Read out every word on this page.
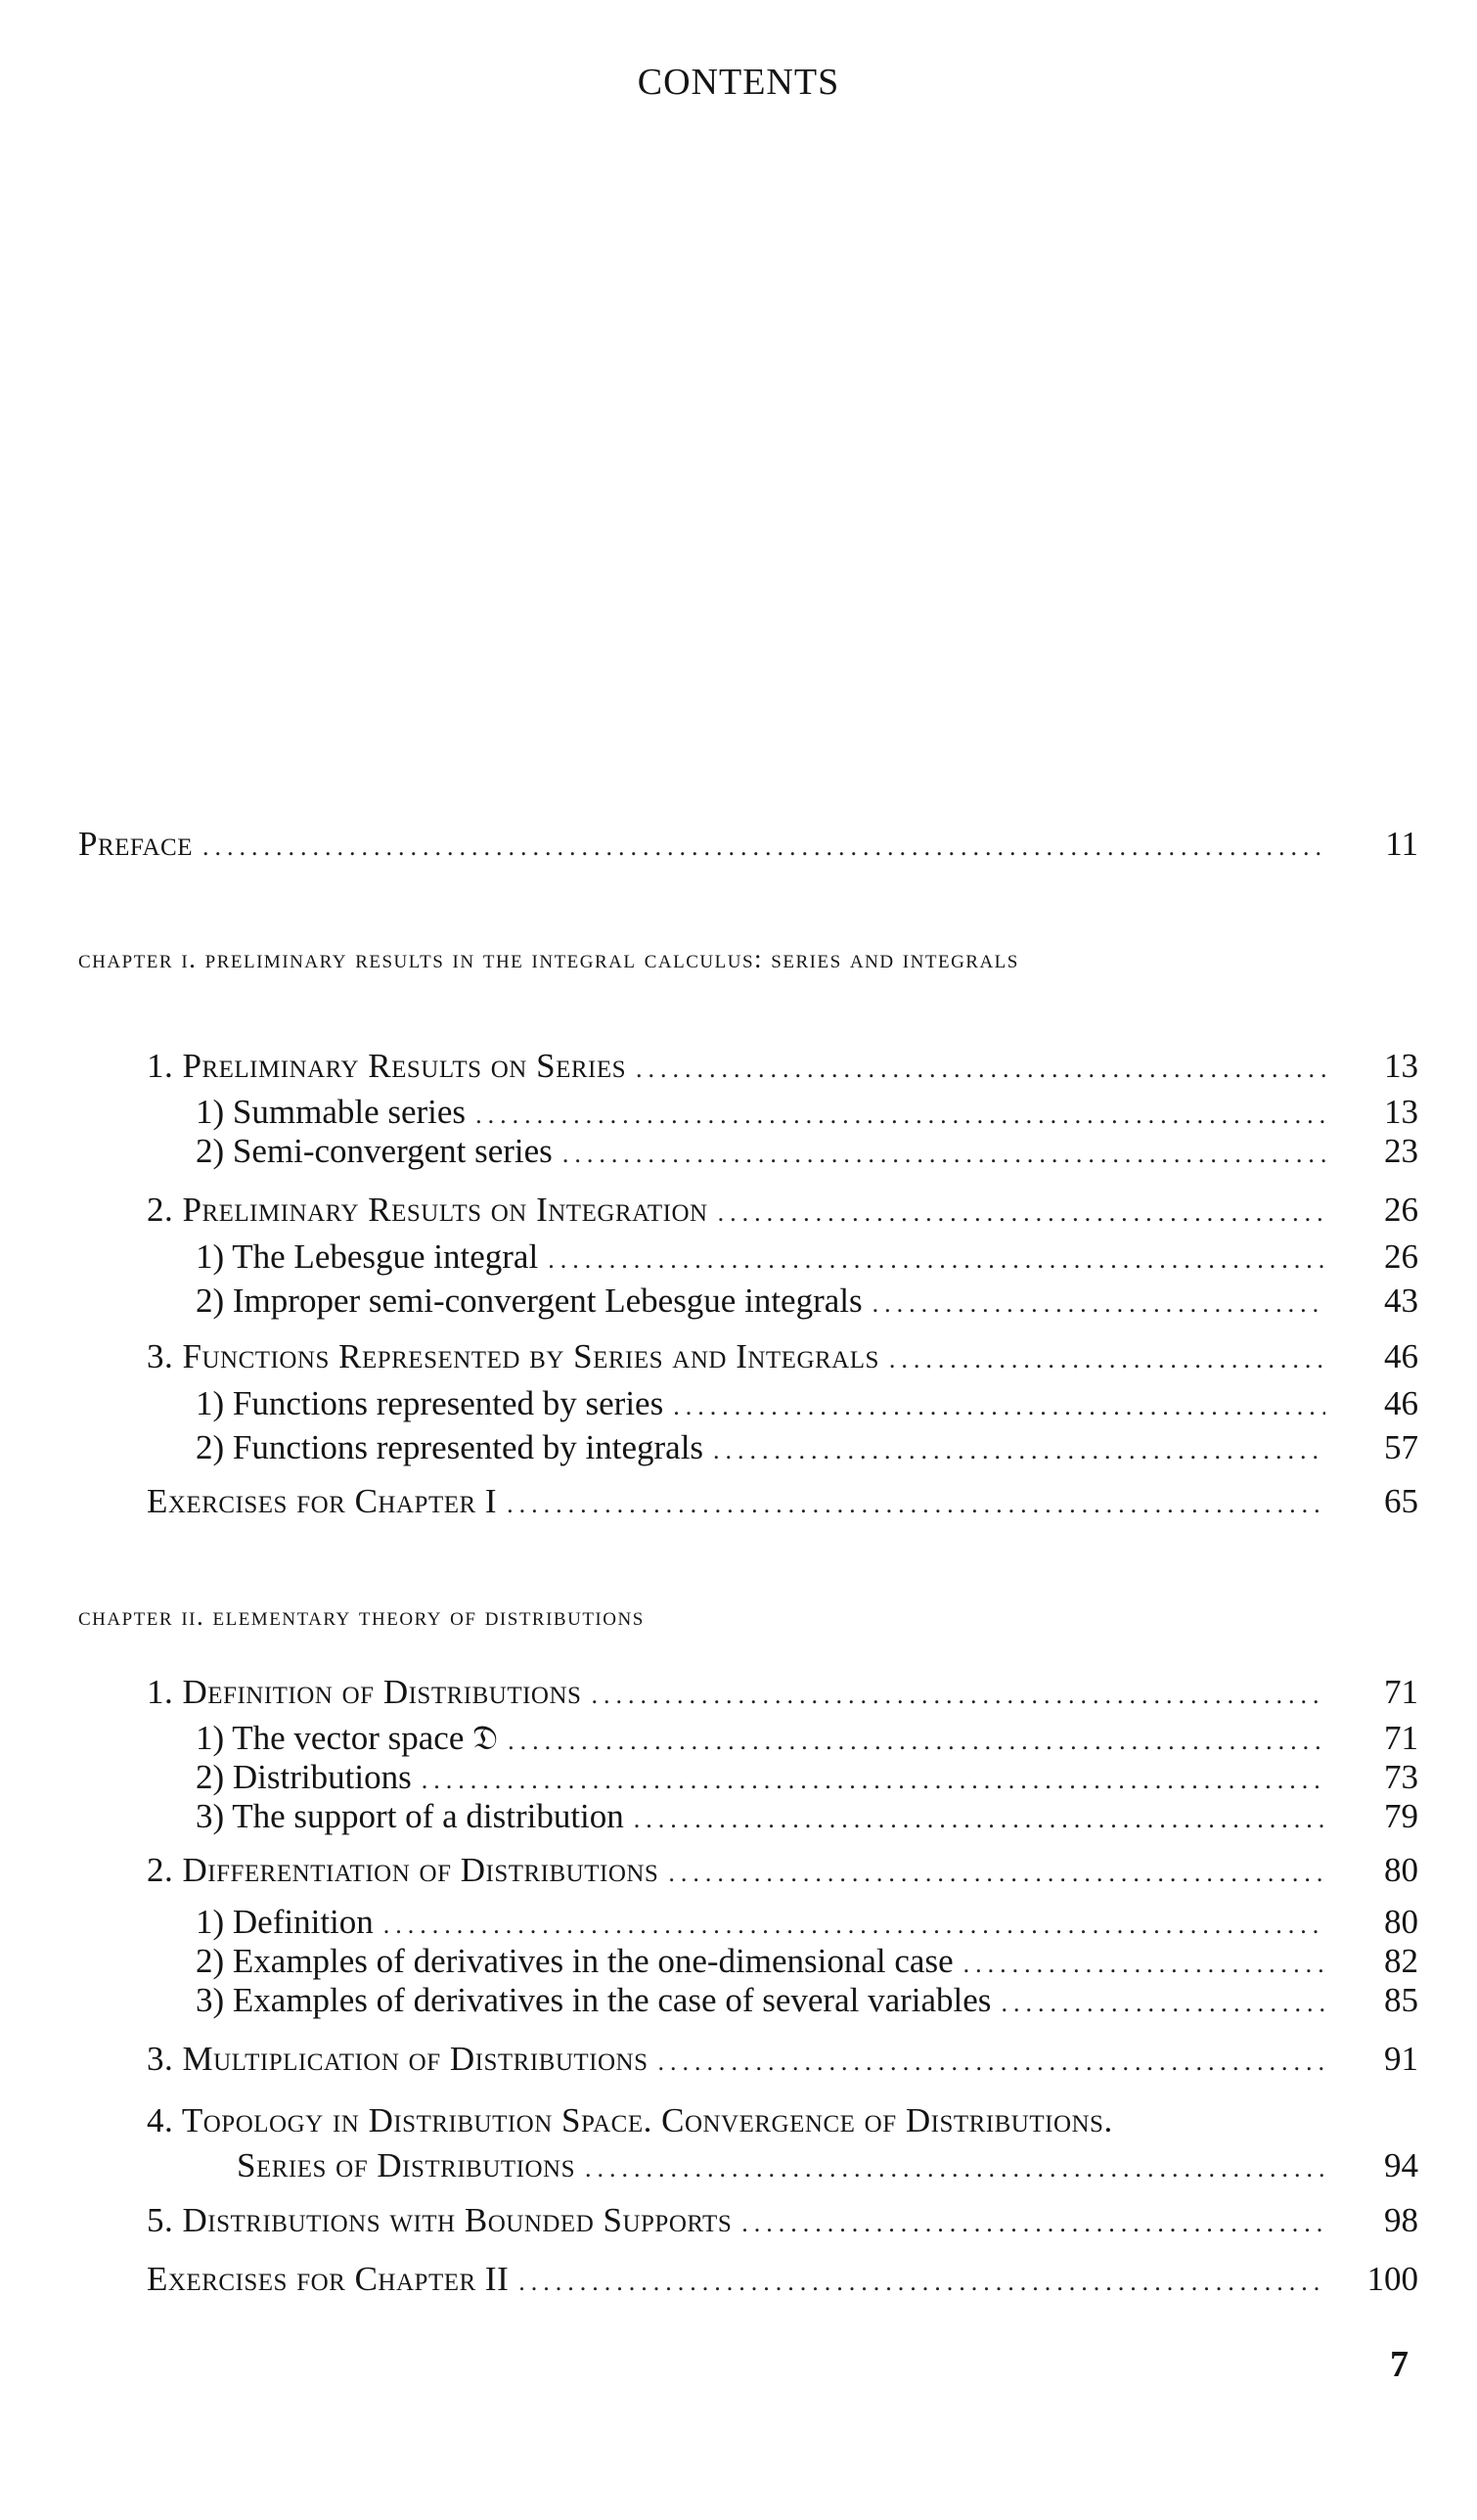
CONTENTS
Preface .....	11
chapter i. preliminary results in the integral calculus: series and integrals
1. Preliminary Results on Series .....	13
1) Summable series .....	13
2) Semi-convergent series .....	23
2. Preliminary Results on Integration .....	26
1) The Lebesgue integral .....	26
2) Improper semi-convergent Lebesgue integrals .....	43
3. Functions Represented by Series and Integrals .....	46
1) Functions represented by series .....	46
2) Functions represented by integrals .....	57
Exercises for Chapter I .....	65
chapter ii. elementary theory of distributions
1. Definition of Distributions .....	71
1) The vector space 𝔇 .....	71
2) Distributions .....	73
3) The support of a distribution .....	79
2. Differentiation of Distributions .....	80
1) Definition .....	80
2) Examples of derivatives in the one-dimensional case .....	82
3) Examples of derivatives in the case of several variables .....	85
3. Multiplication of Distributions .....	91
4. Topology in Distribution Space. Convergence of Distributions.
Series of Distributions .....	94
5. Distributions with Bounded Supports .....	98
Exercises for Chapter II .....	100
7
